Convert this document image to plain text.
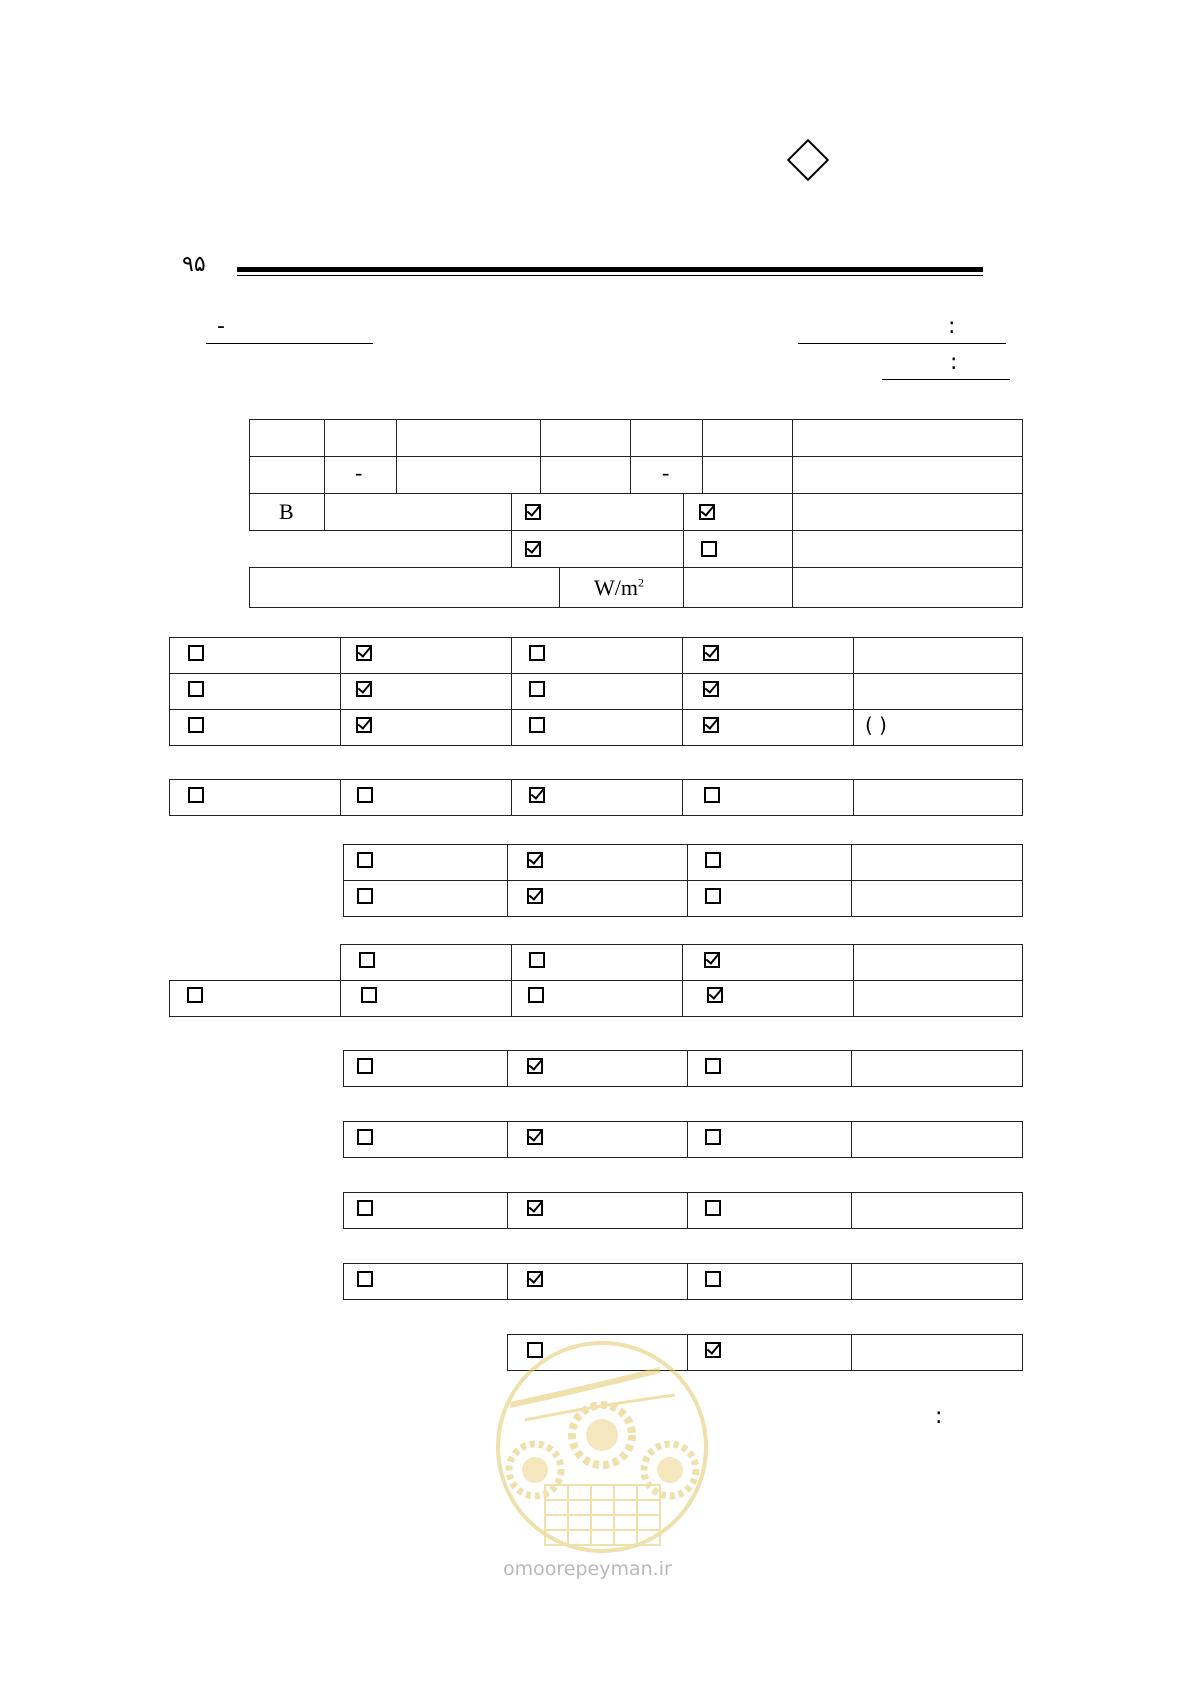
۹۵
-	:
:
-	-
B
$W/m^2$
( )
:
omoorepeyman.ir
